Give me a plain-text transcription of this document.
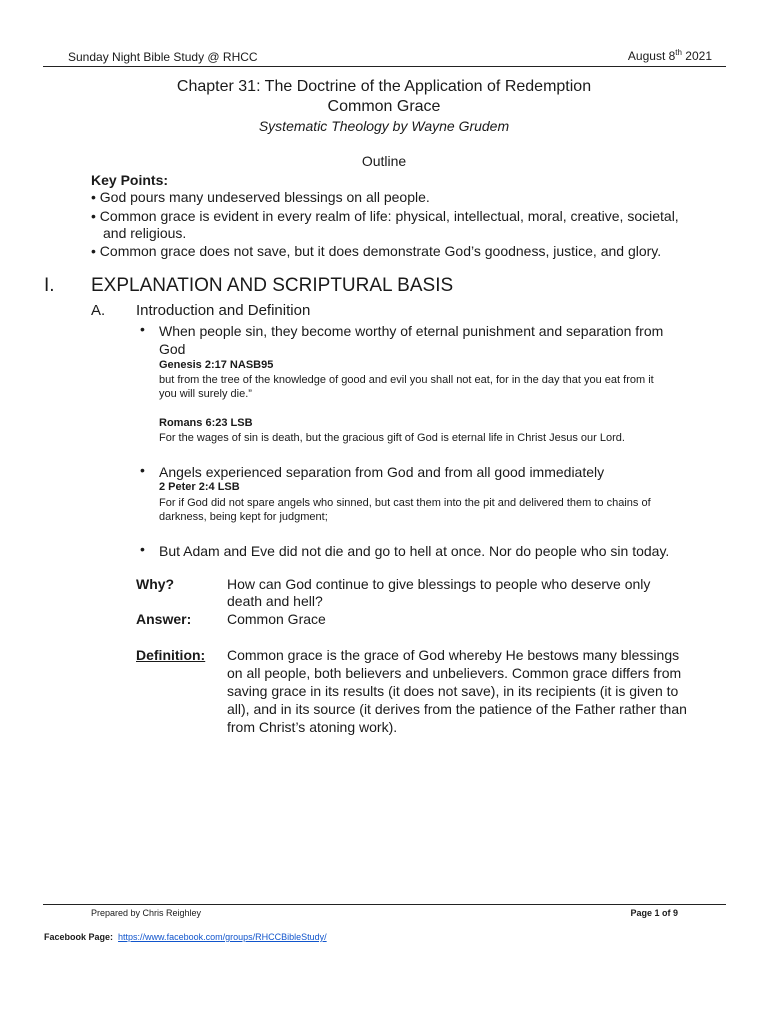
Sunday Night Bible Study @ RHCC	August 8th 2021
Chapter 31: The Doctrine of the Application of Redemption
Common Grace
Systematic Theology by Wayne Grudem
Outline
Key Points:
• God pours many undeserved blessings on all people.
• Common grace is evident in every realm of life: physical, intellectual, moral, creative, societal,
and religious.
• Common grace does not save, but it does demonstrate God’s goodness, justice, and glory.
I. EXPLANATION AND SCRIPTURAL BASIS
A. Introduction and Definition
• When people sin, they become worthy of eternal punishment and separation from
God
Genesis 2:17 NASB95
but from the tree of the knowledge of good and evil you shall not eat, for in the day that you eat from it
you will surely die.”
Romans 6:23 LSB
For the wages of sin is death, but the gracious gift of God is eternal life in Christ Jesus our Lord.
• Angels experienced separation from God and from all good immediately
2 Peter 2:4 LSB
For if God did not spare angels who sinned, but cast them into the pit and delivered them to chains of
darkness, being kept for judgment;
• But Adam and Eve did not die and go to hell at once. Nor do people who sin today.
Why?	How can God continue to give blessings to people who deserve only
death and hell?
Answer:	Common Grace
Definition: Common grace is the grace of God whereby He bestows many blessings
on all people, both believers and unbelievers. Common grace differs from
saving grace in its results (it does not save), in its recipients (it is given to
all), and in its source (it derives from the patience of the Father rather than
from Christ’s atoning work).
Prepared by Chris Reighley	Page 1 of 9
Facebook Page: https://www.facebook.com/groups/RHCCBibleStudy/
